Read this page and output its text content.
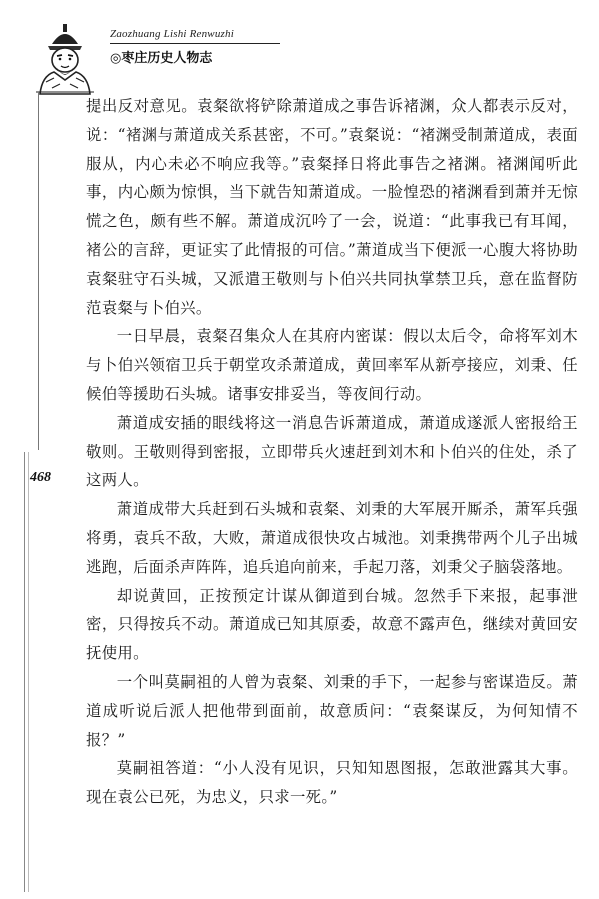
Zaozhuang Lishi Renwuzhi
◎枣庄历史人物志
468

提出反对意见。袁粲欲将铲除萧道成之事告诉褚渊，众人都表示反对，说：“褚渊与萧道成关系甚密，不可。”袁粲说：“褚渊受制萧道成，表面服从，内心未必不响应我等。”袁粲择日将此事告之褚渊。褚渊闻听此事，内心颇为惊惧，当下就告知萧道成。一脸惶恐的褚渊看到萧并无惊慌之色，颇有些不解。萧道成沉吟了一会，说道：“此事我已有耳闻，褚公的言辞，更证实了此情报的可信。”萧道成当下便派一心腹大将协助袁粲驻守石头城，又派遣王敬则与卜伯兴共同执掌禁卫兵，意在监督防范袁粲与卜伯兴。

一日早晨，袁粲召集众人在其府内密谋：假以太后令，命将军刘木与卜伯兴领宿卫兵于朝堂攻杀萧道成，黄回率军从新亭接应，刘秉、任候伯等援助石头城。诸事安排妥当，等夜间行动。

萧道成安插的眼线将这一消息告诉萧道成，萧道成遂派人密报给王敬则。王敬则得到密报，立即带兵火速赶到刘木和卜伯兴的住处，杀了这两人。

萧道成带大兵赶到石头城和袁粲、刘秉的大军展开厮杀，萧军兵强将勇，袁兵不敌，大败，萧道成很快攻占城池。刘秉携带两个儿子出城逃跑，后面杀声阵阵，追兵追向前来，手起刀落，刘秉父子脑袋落地。

却说黄回，正按预定计谋从御道到台城。忽然手下来报，起事泄密，只得按兵不动。萧道成已知其原委，故意不露声色，继续对黄回安抚使用。

一个叫莫嗣祖的人曾为袁粲、刘秉的手下，一起参与密谋造反。萧道成听说后派人把他带到面前，故意质问：“袁粲谋反，为何知情不报？”

莫嗣祖答道：“小人没有见识，只知知恩图报，怎敢泄露其大事。现在袁公已死，为忠义，只求一死。”
